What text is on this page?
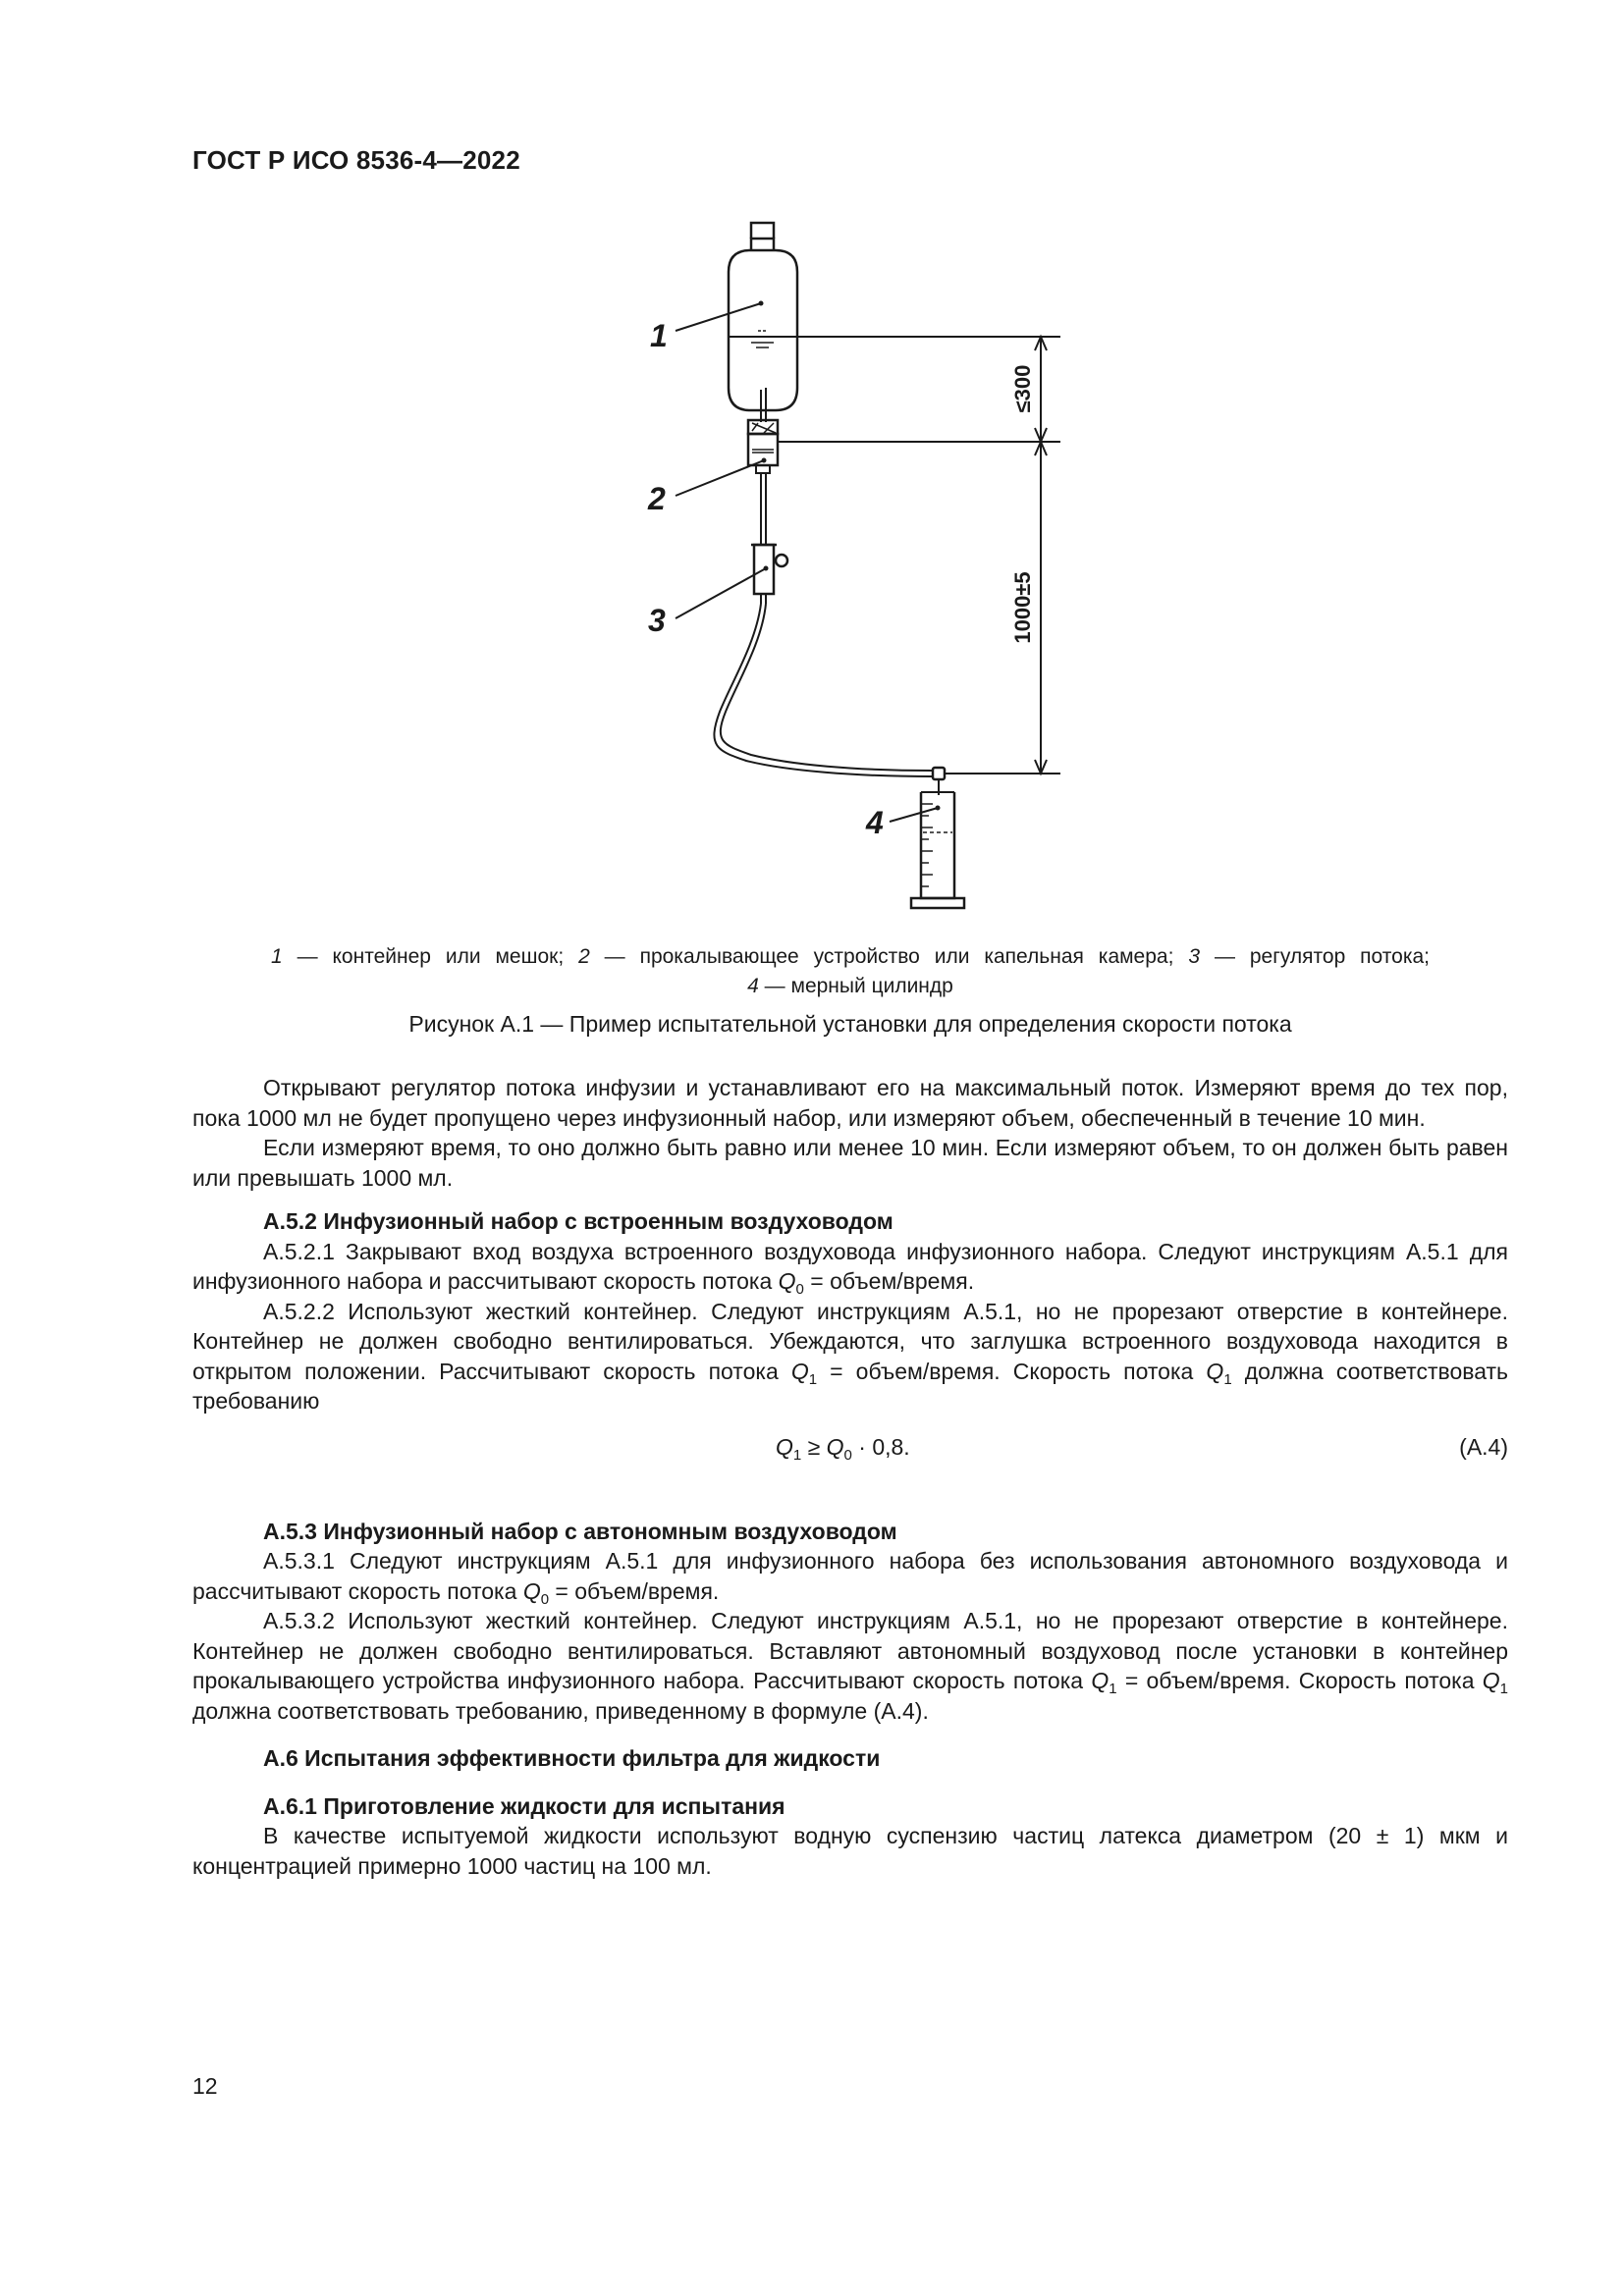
ГОСТ Р ИСО 8536-4—2022
1
2
3
4
≤300
1000±5
1 — контейнер или мешок; 2 — прокалывающее устройство или капельная камера; 3 — регулятор потока;
4 — мерный цилиндр
Рисунок А.1 — Пример испытательной установки для определения скорости потока

Открывают регулятор потока инфузии и устанавливают его на максимальный поток. Измеряют время до тех пор, пока 1000 мл не будет пропущено через инфузионный набор, или измеряют объем, обеспеченный в течение 10 мин.

Если измеряют время, то оно должно быть равно или менее 10 мин. Если измеряют объем, то он должен быть равен или превышать 1000 мл.

А.5.2 Инфузионный набор с встроенным воздуховодом

А.5.2.1 Закрывают вход воздуха встроенного воздуховода инфузионного набора. Следуют инструкциям А.5.1 для инфузионного набора и рассчитывают скорость потока $Q_0$ = объем/время.

А.5.2.2 Используют жесткий контейнер. Следуют инструкциям А.5.1, но не прорезают отверстие в контейнере. Контейнер не должен свободно вентилироваться. Убеждаются, что заглушка встроенного воздуховода находится в открытом положении. Рассчитывают скорость потока $Q_1$ = объем/время. Скорость потока $Q_1$ должна соответствовать требованию

$Q_1 \ge Q_0 \cdot 0,8$.	(А.4)

А.5.3 Инфузионный набор с автономным воздуховодом

А.5.3.1 Следуют инструкциям А.5.1 для инфузионного набора без использования автономного воздуховода и рассчитывают скорость потока $Q_0$ = объем/время.

А.5.3.2 Используют жесткий контейнер. Следуют инструкциям А.5.1, но не прорезают отверстие в контейнере. Контейнер не должен свободно вентилироваться. Вставляют автономный воздуховод после установки в контейнер прокалывающего устройства инфузионного набора. Рассчитывают скорость потока $Q_1$ = объем/время. Скорость потока $Q_1$ должна соответствовать требованию, приведенному в формуле (А.4).

А.6 Испытания эффективности фильтра для жидкости

А.6.1 Приготовление жидкости для испытания

В качестве испытуемой жидкости используют водную суспензию частиц латекса диаметром (20 ± 1) мкм и концентрацией примерно 1000 частиц на 100 мл.

12
